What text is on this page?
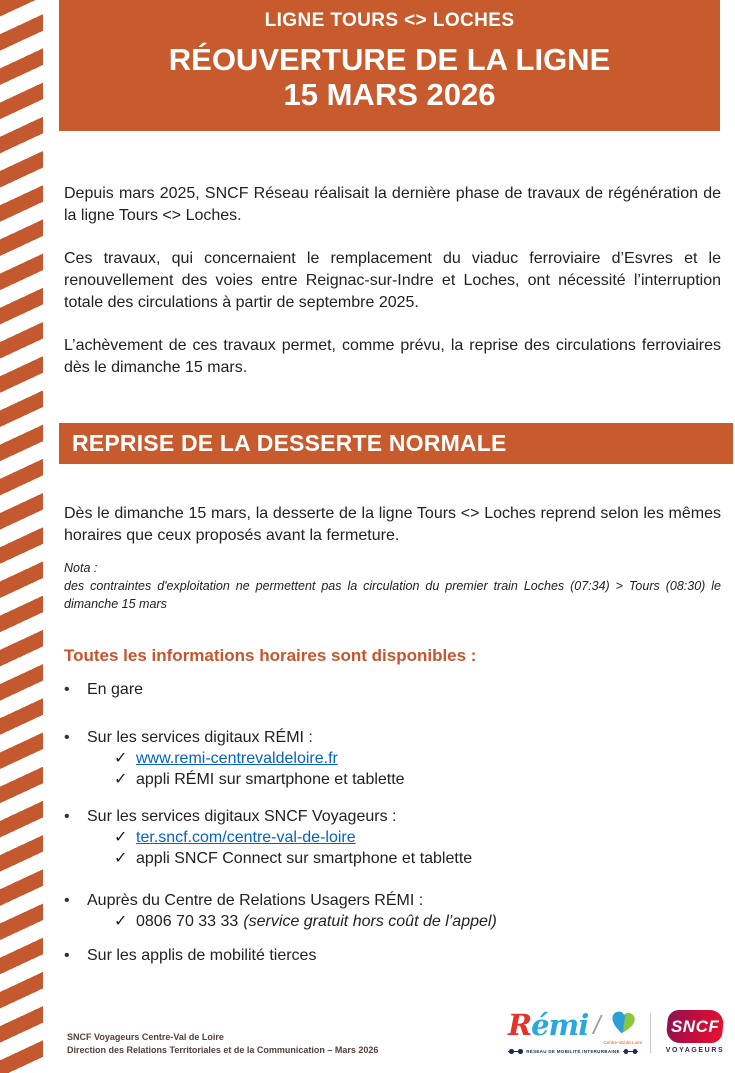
LIGNE TOURS <> LOCHES
RÉOUVERTURE DE LA LIGNE
15 MARS 2026

Depuis mars 2025, SNCF Réseau réalisait la dernière phase de travaux de régénération de la ligne Tours <> Loches.

Ces travaux, qui concernaient le remplacement du viaduc ferroviaire d’Esvres et le renouvellement des voies entre Reignac-sur-Indre et Loches, ont nécessité l’interruption totale des circulations à partir de septembre 2025.

L’achèvement de ces travaux permet, comme prévu, la reprise des circulations ferroviaires dès le dimanche 15 mars.

REPRISE DE LA DESSERTE NORMALE

Dès le dimanche 15 mars, la desserte de la ligne Tours <> Loches reprend selon les mêmes horaires que ceux proposés avant la fermeture.

Nota :
des contraintes d'exploitation ne permettent pas la circulation du premier train Loches (07:34) > Tours (08:30) le dimanche 15 mars
Toutes les informations horaires sont disponibles :
•	En gare
•	Sur les services digitaux RÉMI :
✓ www.remi-centrevaldeloire.fr
✓ appli RÉMI sur smartphone et tablette
•	Sur les services digitaux SNCF Voyageurs :
✓ ter.sncf.com/centre-val-de-loire
✓ appli SNCF Connect sur smartphone et tablette
•	Auprès du Centre de Relations Usagers RÉMI :
✓ 0806 70 33 33 (service gratuit hors coût de l’appel)
•	Sur les applis de mobilité tierces
SNCF Voyageurs Centre-Val de Loire
Direction des Relations Territoriales et de la Communication – Mars 2026
Rémi /
Centre-Val de Loire
RÉSEAU DE MOBILITÉ INTERURBAINE
SNCF
VOYAGEURS
